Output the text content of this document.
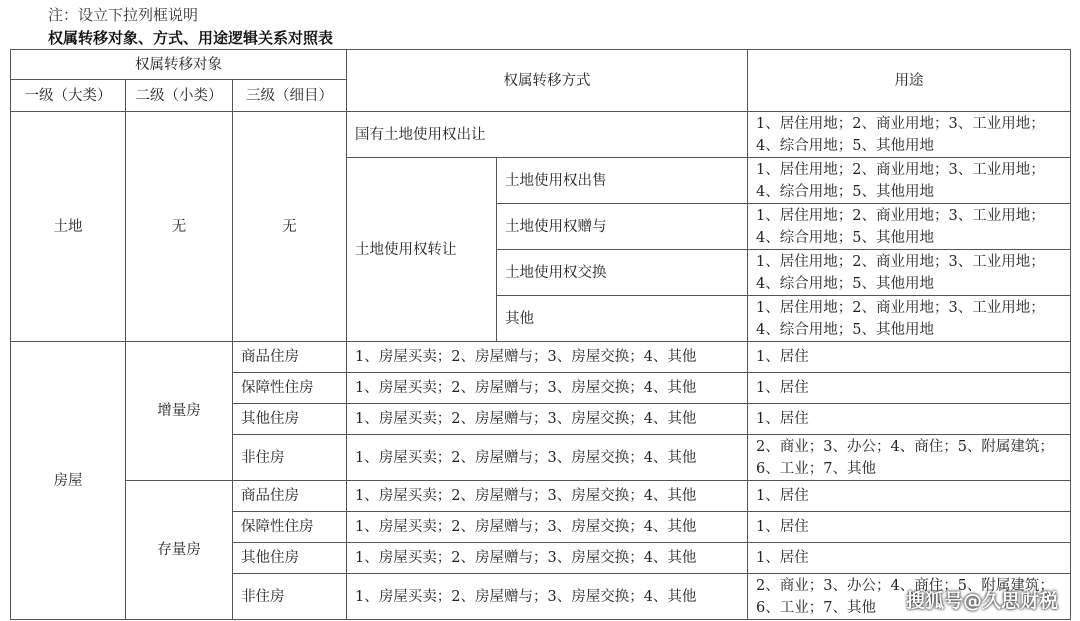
注：设立下拉列框说明
权属转移对象、方式、用途逻辑关系对照表
权属转移对象			权属转移方式		用途
一级（大类）	二级（小类）	三级（细目）			
土地	无	无	国有土地使用权出让		1、居住用地；2、商业用地；3、工业用地；
4、综合用地；5、其他用地

			土地使用权转让	土地使用权出售	1、居住用地；2、商业用地；3、工业用地；
4、综合用地；5、其他用地

				土地使用权赠与	1、居住用地；2、商业用地；3、工业用地；
4、综合用地；5、其他用地

				土地使用权交换	1、居住用地；2、商业用地；3、工业用地；
4、综合用地；5、其他用地

				其他	1、居住用地；2、商业用地；3、工业用地；
4、综合用地；5、其他用地

房屋	增量房	商品住房	1、房屋买卖；2、房屋赠与；3、房屋交换；4、其他		1、居住
		保障性住房	1、房屋买卖；2、房屋赠与；3、房屋交换；4、其他		1、居住
		其他住房	1、房屋买卖；2、房屋赠与；3、房屋交换；4、其他		1、居住
		非住房	1、房屋买卖；2、房屋赠与；3、房屋交换；4、其他		2、商业；3、办公；4、商住；5、附属建筑；
6、工业；7、其他

	存量房	商品住房	1、房屋买卖；2、房屋赠与；3、房屋交换；4、其他		1、居住
		保障性住房	1、房屋买卖；2、房屋赠与；3、房屋交换；4、其他		1、居住
		其他住房	1、房屋买卖；2、房屋赠与；3、房屋交换；4、其他		1、居住
		非住房	1、房屋买卖；2、房屋赠与；3、房屋交换；4、其他		2、商业；3、办公；4、商住；5、附属建筑；
6、工业；7、其他	搜狐号@久思财税
